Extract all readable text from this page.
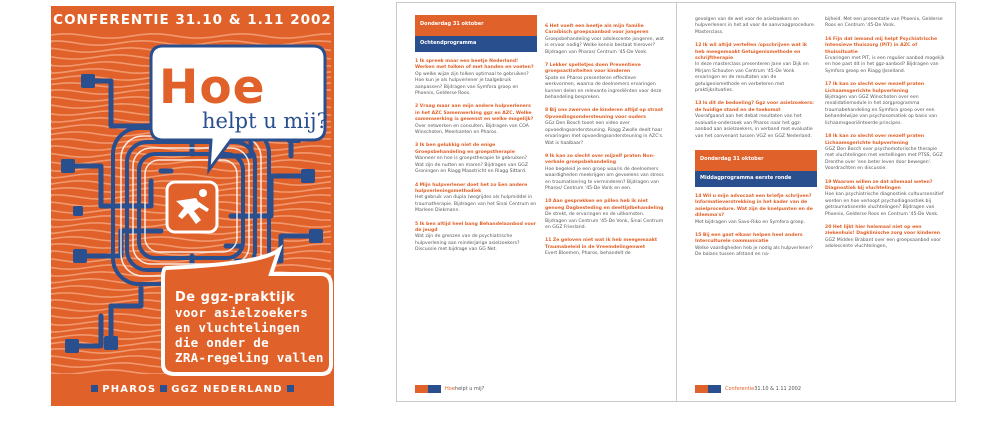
CONFERENTIE 31.10 & 1.11 2002
Hoe
helpt u mij?
De ggz-praktijk
voor asielzoekers
en vluchtelingen
die onder de
ZRA-regeling vallen
PHAROS GGZ NEDERLAND
Donderdag 31 oktober
Ochtendprogramma
1 Ik spreek maar een beetje Nederland! Werken met tolken of met handen en voeten?
Op welke wijze zijn tolken optimaal te gebruiken? Hoe kun je als hulpverlener je taalgebruik aanpassen? Bijdragen van Symfora groep en Phoenix, Gelderse Roos.
2 Vraag maar aan mijn andere hulpverleners in het AZC Samenwerking ggz en AZC. Welke samenwerking is gewenst en welke mogelijk?
Over netwerken en consulten. Bijdragen van COA Winschoten, Meerkanten en Pharos.
3 Ik ben gelukkig niet de enige Groepsbehandeling en groepstherapie
Wanneer en hoe is groepstherapie te gebruiken? Wat zijn de nutten en maren? Bijdragen van GGZ Groningen en Riagg Maastricht en Riagg Sittard.
4 Mijn hulpverlener doet het zo Een andere hulpverleningsmethodiek
Het gebruik van dupla (wegrijdes als hulpmiddel in traumatherapie. Bijdragen van het Sinai Centrum en Marleen Diekmann.
5 Ik ben altijd heel bang Behandelaanbod voor de jeugd
Wat zijn de grenzen van de psychiatrische hulpverlening aan minderjarige asielzoekers? Discussie met bijdrage van GG Net.
6 Het voelt een beetje als mijn familie Caraïbisch groepsaanbod voor jongeren
Groepsbehandeling voor adolescente jongeren, wat is ervoor nodig? Welke kennis bestaat hierover? Bijdragen van Pharos/ Centrum '45-De Vonk.
7 Lekker spelletjes doen Preventieve groepsactiviteiten voor kinderen
Spate en Pharos presenteren effectieve werkvormen, waarna de deelnemers ervaringen kunnen delen en relevante ingrediënten voor deze behandeling bespreken.
8 Bij ons zwerven de kinderen altijd op straat Opvoedingsondersteuning voor ouders
GGz Den Bosch toont een video over opvoedingsondersteuning. Riagg Zwolle deelt haar ervaringen met opvoedingsondersteuning in AZC's. Wat is haalbaar?
9 Ik kan zo slecht over mijzelf praten Non-verbale groepsbehandeling
Hoe begeleid je een groep waarin de deelnemers waardigheden meekrijgen om gevoelens van stress en traumatisering te verminderen? Bijdragen van Pharos/ Centrum '45-De Vonk en een.
10 Aan gesprekken en pillen heb ik niet genoeg Dagbesteding en deeltijdbehandeling
De strekt, de ervaringen en de uitkomsten. Bijdragen van Centrum '45-De Vonk, Sinai Centrum en GGZ Friesland.
11 Ze geloven niet wat ik heb meegemaakt Traumabeleid in de Vreemdelingenwet
Evert Bloemen, Pharos, behandelt de
Hoe helpt u mij?
gevolgen van de wet voor de asielzoekers en hulpverleners in het ad voor de aanvraagprocedure. Masterclass.
12 Ik wil altijd vertellen /opschrijven wat ik heb meegemaakt Getuigenismethode en schrijftherapie
In deze masterclass presenteren Jane van Dijk en Mirjam Schouten van Centrum '45-De Vonk ervaringen en de resultaten van de getuigenismethode en verbeteren met praktijksituaties.
13 Is dit de bedoeling? Ggz voor asielzoekers: de huidige stand en de toekomst
Voorafgaand aan het debat resultaten van het evaluatie-onderzoek van Pharos naar het ggz-aanbod aan asielzoekers, in verband met evaluatie van het convenant tussen VGZ en GGZ Nederland.
Donderdag 31 oktober
Middagprogramma eerste ronde
14 Wil u mijn advocaat een briefje schrijven? Informatieverstrekking in het kader van de asielprocedure. Wat zijn de knelpunten en de dilemma's?
Met bijdragen van Savo-Riko en Symfora groep.
15 Bij een gast elkaar helpen heel anders Interculturele communicatie
Welke vaardigheden heb je nodig als hulpverlener? De balans tussen afstand en na-
bijheid. Met een presentatie van Phoenix, Gelderse Roos en Centrum '45-De Vonk.
16 Fijn dat iemand mij helpt Psychiatrische Intensieve thuiszorg (PIT) in AZC of thuissituatie
Ervaringen met PIT, is een regulier aanbod mogelijk en hoe past dit in het ggz-aanbod? Bijdragen van Symfora groep en Riagg IJsselland.
17 Ik kan zo slecht over mezelf praten Lichaamsgerichte hulpverlening
Bijdragen van GGZ Winschoten over een revalidatiemodule in het zorgprogramma traumabehandeling en Symfora groep over een behandelwijze van psychosomatiek op basis van lichaamsgeoriënteerde principes.
18 Ik kan zo slecht over mezelf praten Lichaamsgerichte hulpverlening
GGZ Den Bosch over psychomotorische therapie met vluchtelingen met vertellingen met PTSS, GGZ Drenthe over 'een beter leven door bewegen'. Voordrachten en discussie.
19 Waarom willen ze dat allemaal weten? Diagnostiek bij vluchtelingen
Hoe kan psychiatrische diagnostiek cultuursensitief worden en hoe verloopt psychodiagnostiek bij getraumatiseerde vluchtelingen? Bijdragen van Phoenix, Gelderse Roos en Centrum '45-De Vonk.
20 Het lijkt hier helemaal niet op een ziekenhuis! Dagklinische zorg voor kinderen
GGZ Midden Brabant over een groepsaanbod voor adolescente vluchtelingen,
Conferentie 31.10 & 1.11 2002
